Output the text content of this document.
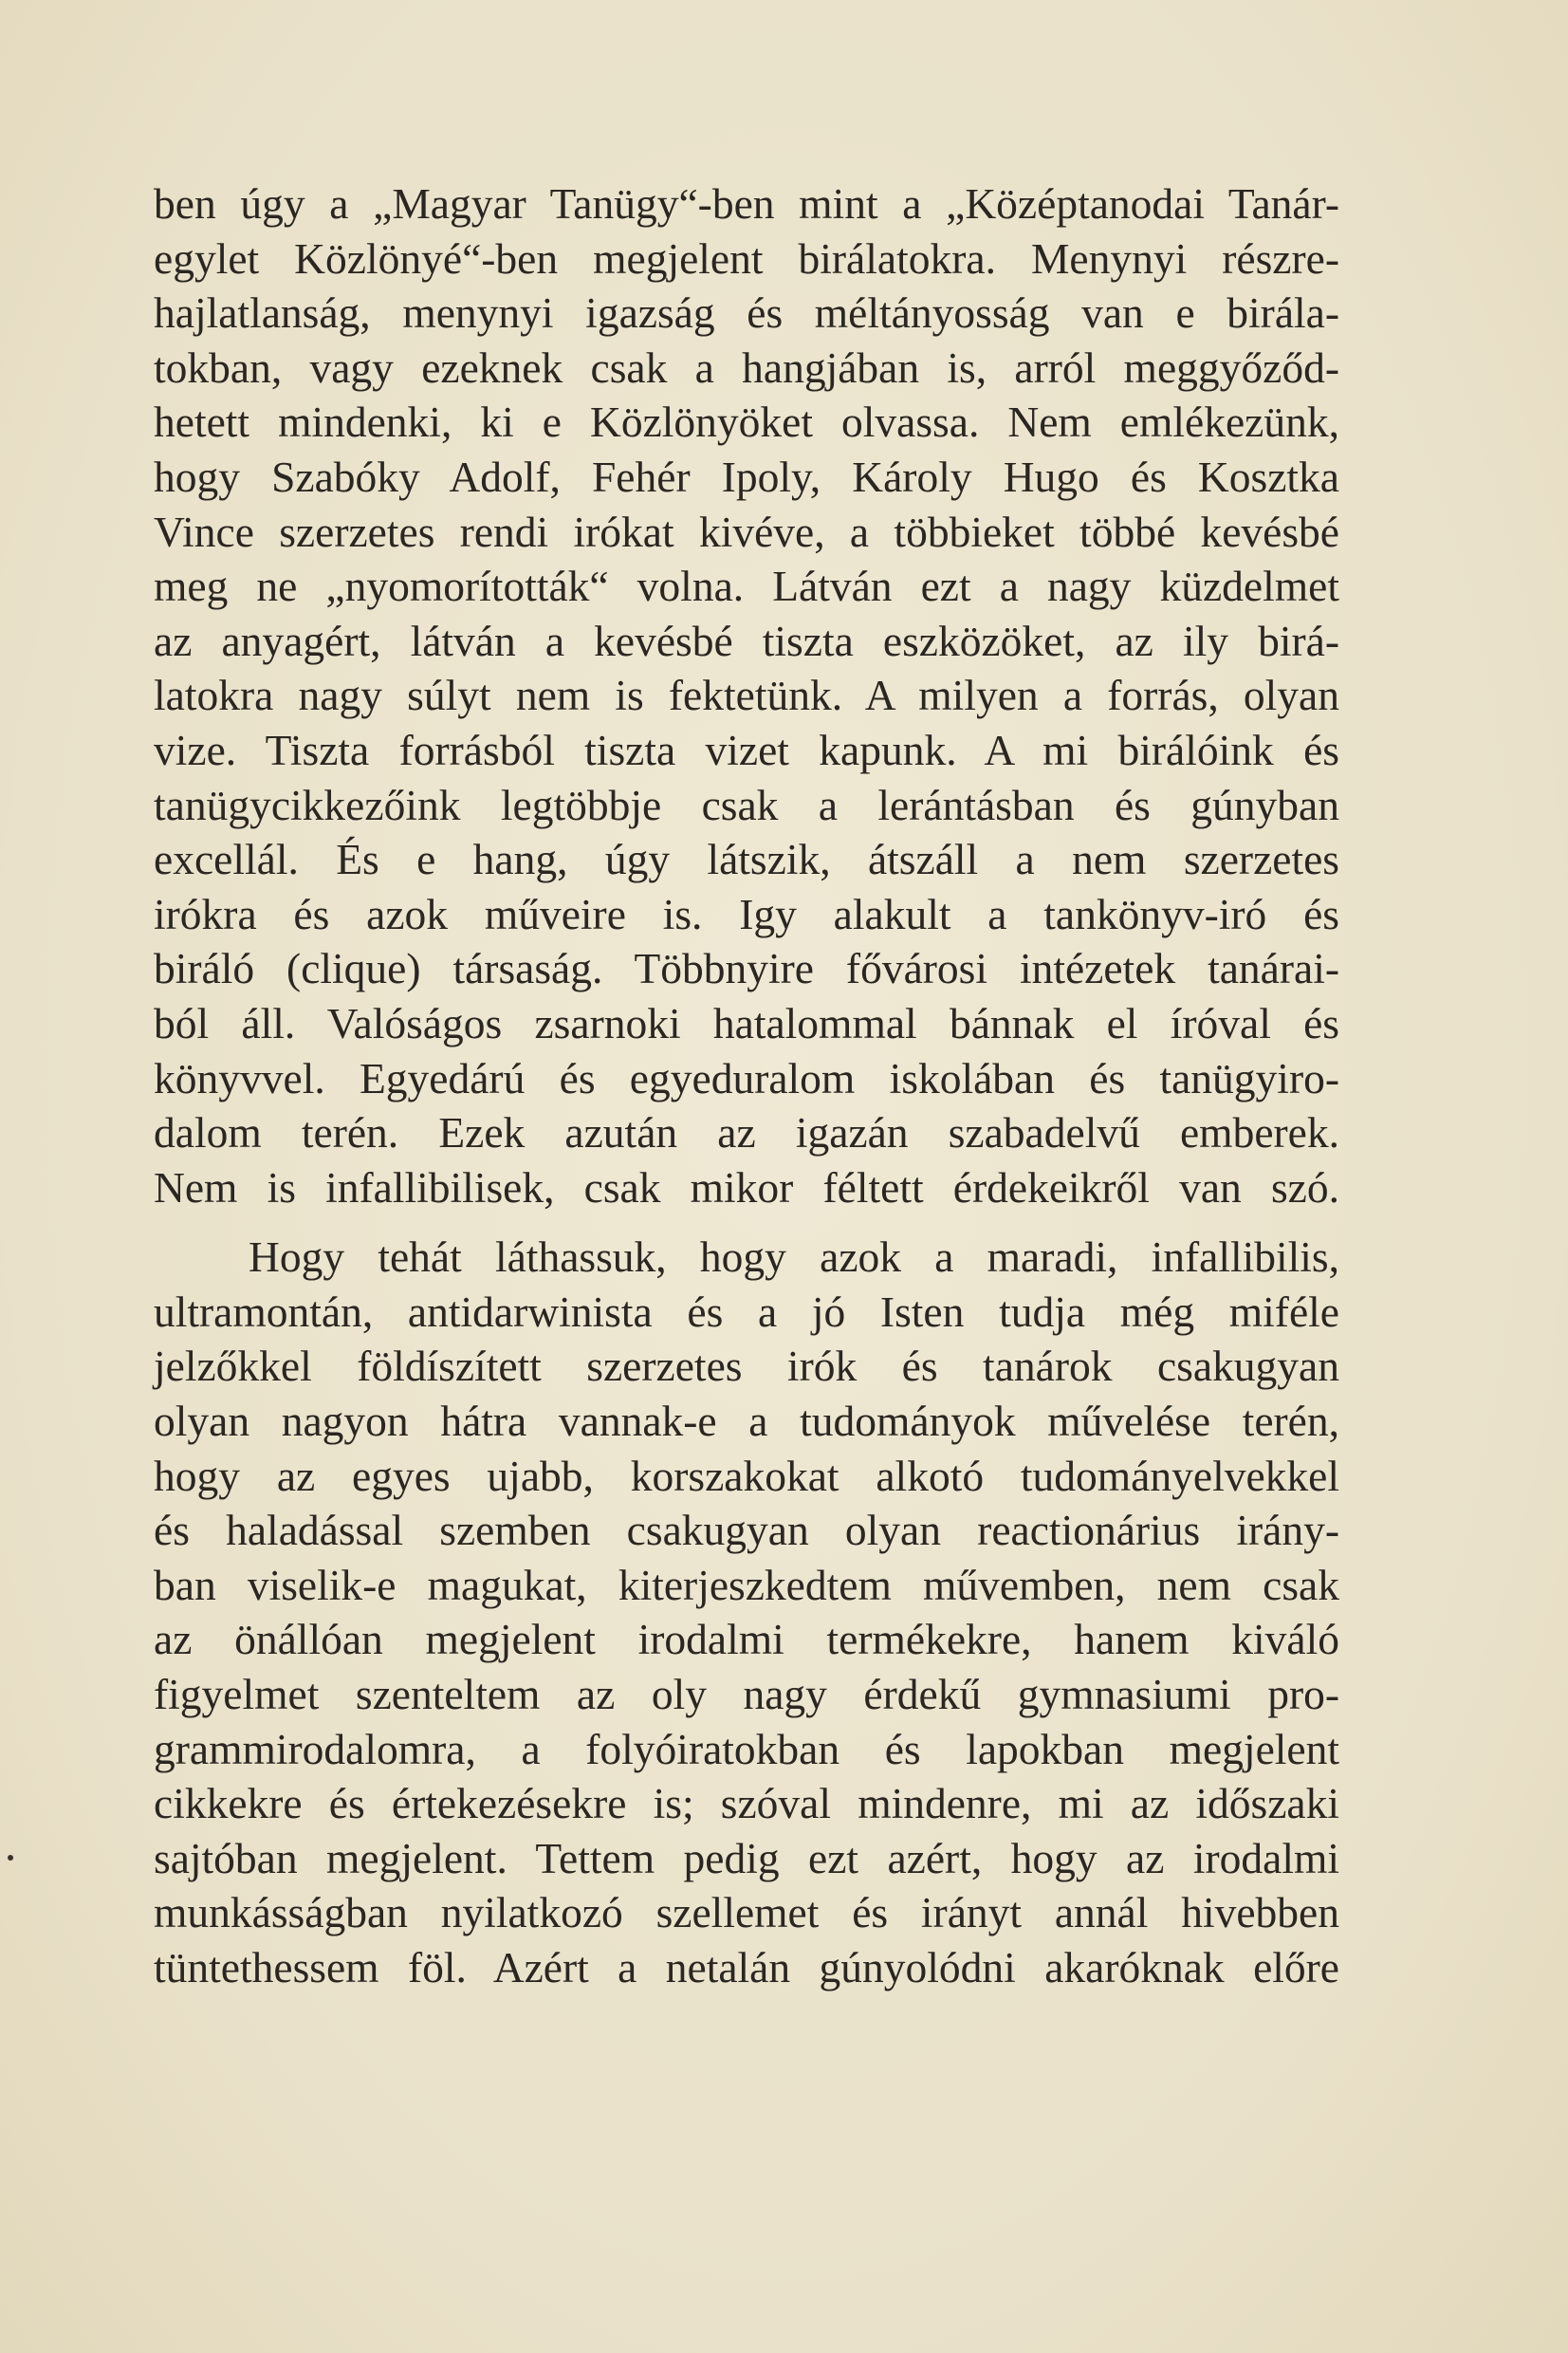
ben úgy a „Magyar Tanügy“-ben mint a „Középtanodai Tanár-
egylet Közlönyé“-ben megjelent birálatokra. Menynyi részre-
hajlatlanság, menynyi igazság és méltányosság van e birála-
tokban, vagy ezeknek csak a hangjában is, arról meggyőződ-
hetett mindenki, ki e Közlönyöket olvassa. Nem emlékezünk,
hogy Szabóky Adolf, Fehér Ipoly, Károly Hugo és Kosztka
Vince szerzetes rendi irókat kivéve, a többieket többé kevésbé
meg ne „nyomorították“ volna. Látván ezt a nagy küzdelmet
az anyagért, látván a kevésbé tiszta eszközöket, az ily birá-
latokra nagy súlyt nem is fektetünk. A milyen a forrás, olyan
vize. Tiszta forrásból tiszta vizet kapunk. A mi birálóink és
tanügycikkezőink legtöbbje csak a lerántásban és gúnyban
excellál. És e hang, úgy látszik, átszáll a nem szerzetes
irókra és azok műveire is. Igy alakult a tankönyv-iró és
biráló (clique) társaság. Többnyire fővárosi intézetek tanárai-
ból áll. Valóságos zsarnoki hatalommal bánnak el íróval és
könyvvel. Egyedárú és egyeduralom iskolában és tanügyiro-
dalom terén. Ezek azután az igazán szabadelvű emberek.
Nem is infallibilisek, csak mikor féltett érdekeikről van szó.
Hogy tehát láthassuk, hogy azok a maradi, infallibilis,
ultramontán, antidarwinista és a jó Isten tudja még miféle
jelzőkkel földíszített szerzetes irók és tanárok csakugyan
olyan nagyon hátra vannak-e a tudományok művelése terén,
hogy az egyes ujabb, korszakokat alkotó tudományelvekkel
és haladással szemben csakugyan olyan reactionárius irány-
ban viselik-e magukat, kiterjeszkedtem művemben, nem csak
az önállóan megjelent irodalmi termékekre, hanem kiváló
figyelmet szenteltem az oly nagy érdekű gymnasiumi pro-
grammirodalomra, a folyóiratokban és lapokban megjelent
cikkekre és értekezésekre is; szóval mindenre, mi az időszaki
sajtóban megjelent. Tettem pedig ezt azért, hogy az irodalmi
munkásságban nyilatkozó szellemet és irányt annál hivebben
tüntethessem föl. Azért a netalán gúnyolódni akaróknak előre
